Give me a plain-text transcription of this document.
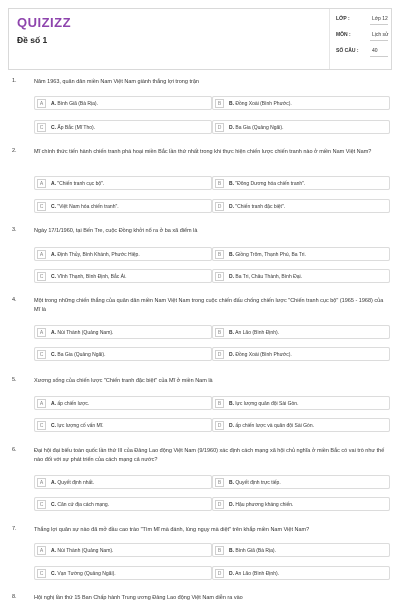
QUIZIZZ
Đề số 1
LỚP :	Lớp 12
MÔN :	Lịch sử
SỐ CÂU :	40
1.	Năm 1963, quân dân miền Nam Việt Nam giành thắng lợi trong trận
A	A. Bình Giã (Bà Rịa).	B	B. Đồng Xoài (Bình Phước).
C	C. Ấp Bắc (Mĩ Tho).	D	D. Ba Gia (Quảng Ngãi).
2.	Mĩ chính thức tiến hành chiến tranh phá hoại miền Bắc lần thứ nhất trong khi thực hiện chiến lược chiến tranh nào ở miền Nam Việt Nam?
A	A. "Chiến tranh cục bộ".	B	B. "Đông Dương hóa chiến tranh".
C	C. "Việt Nam hóa chiến tranh".	D	D. "Chiến tranh đặc biệt".
3.	Ngày 17/1/1960, tại Bến Tre, cuộc Đồng khởi nổ ra ở ba xã điểm là
A	A. Định Thủy, Bình Khánh, Phước Hiệp.	B	B. Giồng Trôm, Thạnh Phú, Ba Tri.
C	C. Vĩnh Thạnh, Bình Định, Bắc Ái.	D	D. Ba Tri, Châu Thành, Bình Đại.
4.	Một trong những chiến thắng của quân dân miền Nam Việt Nam trong cuộc chiến đấu chống chiến lược "Chiến tranh cục bộ" (1965 - 1968) của Mĩ là
A	A. Núi Thành (Quảng Nam).	B	B. An Lão (Bình Định).
C	C. Ba Gia (Quảng Ngãi).	D	D. Đồng Xoài (Bình Phước).
5.	Xương sống của chiến lược "Chiến tranh đặc biệt" của Mĩ ở miền Nam là
A	A. ấp chiến lược.	B	B. lực lượng quân đội Sài Gòn.
C	C. lực lượng cố vấn Mĩ.	D	D. ấp chiến lược và quân đội Sài Gòn.
6.	Đại hội đại biểu toàn quốc lần thứ III của Đảng Lao động Việt Nam (9/1960) xác định cách mạng xã hội chủ nghĩa ở miền Bắc có vai trò như thế nào đối với sự phát triển của cách mạng cả nước?
A	A. Quyết định nhất.	B	B. Quyết định trực tiếp.
C	C. Căn cứ địa cách mạng.	D	D. Hậu phương kháng chiến.
7.	Thắng lợi quân sự nào đã mở đầu cao trào "Tìm Mĩ mà đánh, lùng ngụy mà diệt" trên khắp miền Nam Việt Nam?
A	A. Núi Thành (Quảng Nam).	B	B. Bình Giã (Bà Rịa).
C	C. Vạn Tường (Quảng Ngãi).	D	D. An Lão (Bình Định).
8.	Hội nghị lần thứ 15 Ban Chấp hành Trung ương Đảng Lao động Việt Nam diễn ra vào
